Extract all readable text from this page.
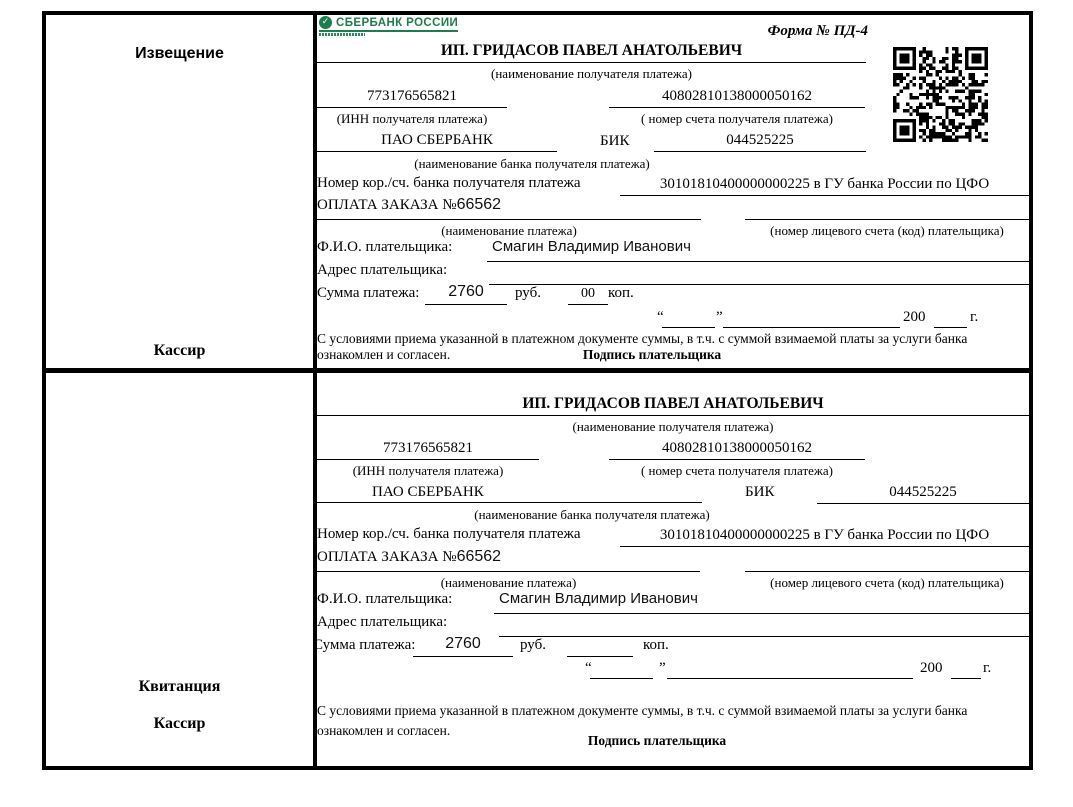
Извещение
Кассир
✓ СБЕРБАНК РОССИИ
Форма № ПД-4
ИП. ГРИДАСОВ ПАВЕЛ АНАТОЛЬЕВИЧ
(наименование получателя платежа)
773176565821	40802810138000050162
(ИНН получателя платежа)	( номер счета получателя платежа)
ПАО СБЕРБАНК	БИК	044525225
(наименование банка получателя платежа)
Номер кор./сч. банка получателя платежа	30101810400000000225 в ГУ банка России по ЦФО
ОПЛАТА ЗАКАЗА №66562
(наименование платежа)	(номер лицевого счета (код) плательщика)
Ф.И.О. плательщика:	Смагин Владимир Иванович
Адрес плательщика:
Сумма платежа:	2760	руб.	00 коп.
“	”	200	г.
С условиями приема указанной в платежном документе суммы, в т.ч. с суммой взимаемой платы за услуги банка
ознакомлен и согласен.	Подпись плательщика
Квитанция
Кассир
ИП. ГРИДАСОВ ПАВЕЛ АНАТОЛЬЕВИЧ
(наименование получателя платежа)
773176565821	40802810138000050162
(ИНН получателя платежа)	( номер счета получателя платежа)
ПАО СБЕРБАНК	БИК	044525225
(наименование банка получателя платежа)
Номер кор./сч. банка получателя платежа	30101810400000000225 в ГУ банка России по ЦФО
ОПЛАТА ЗАКАЗА №66562
(наименование платежа)	(номер лицевого счета (код) плательщика)
Ф.И.О. плательщика:	Смагин Владимир Иванович
Адрес плательщика:
Сумма платежа:	2760	руб.	коп.
“	”	200	г.
С условиями приема указанной в платежном документе суммы, в т.ч. с суммой взимаемой платы за услуги банка
ознакомлен и согласен.
Подпись плательщика
